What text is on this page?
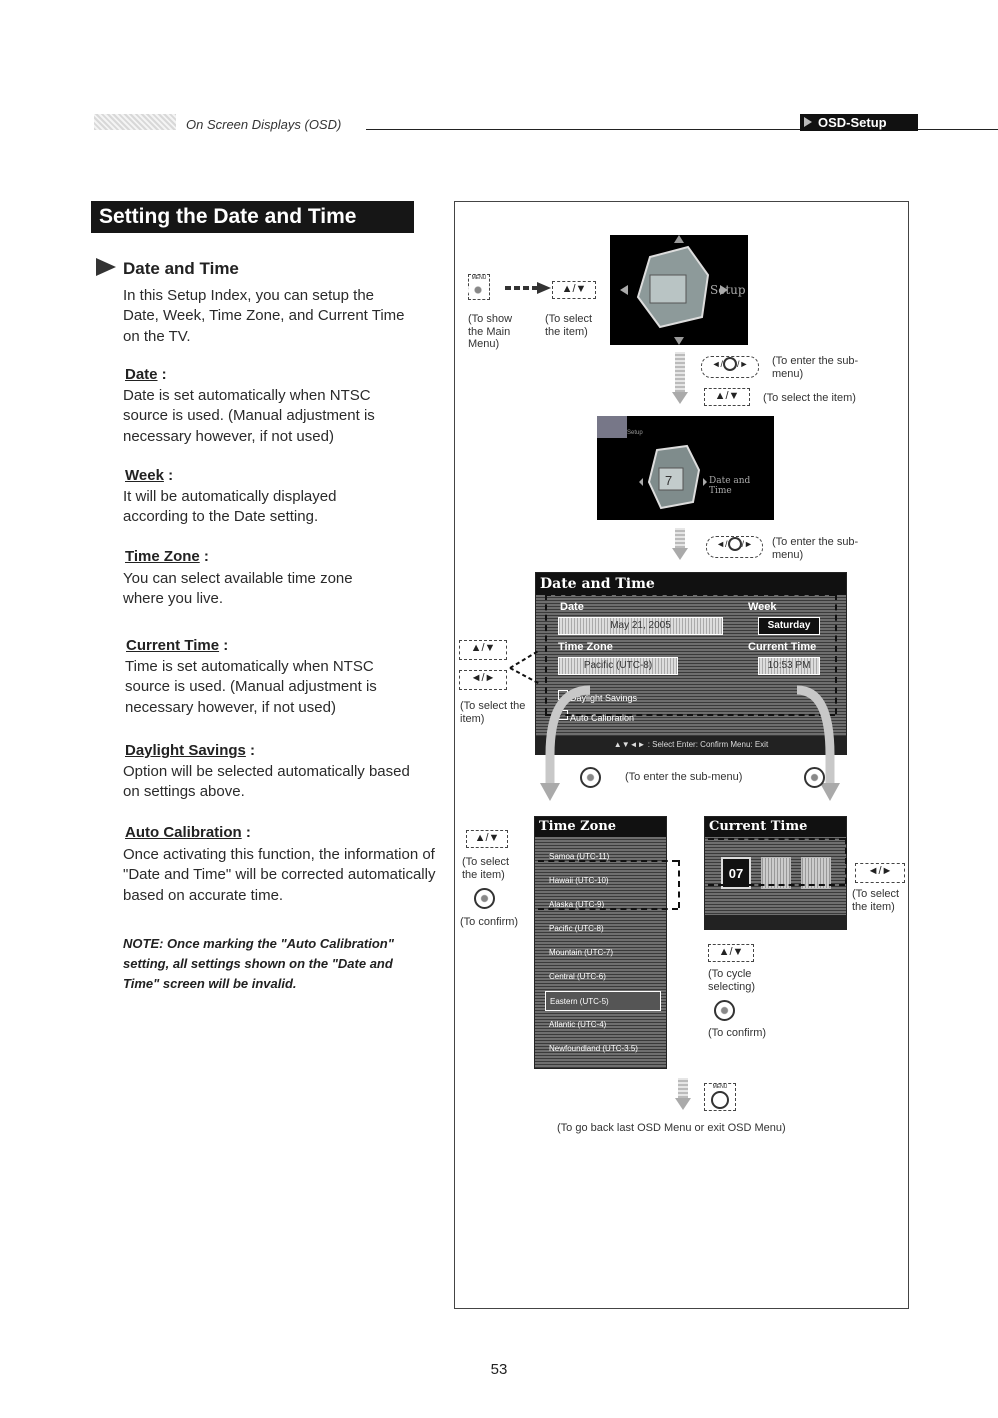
On Screen Displays (OSD)	OSD-Setup
Setting the Date and Time
Date and Time
In this Setup Index, you can setup the Date, Week, Time Zone, and Current Time on the TV.
Date :
Date is set automatically when NTSC source is used. (Manual adjustment is necessary however, if not used)
Week :
It will be automatically displayed according to the Date setting.
Time Zone :
You can select available time zone where you live.
Current Time :
Time is set automatically when NTSC source is used. (Manual adjustment is necessary however, if not used)
Daylight Savings :
Option will be selected automatically based on settings above.
Auto Calibration :
Once activating this function, the information of "Date and Time" will be corrected automatically based on accurate time.
NOTE: Once marking the "Auto Calibration" setting, all settings shown on the "Date and Time" screen will be invalid.
MENU
▲/▼
(To show the Main Menu)
(To select the item)
Setup
◄/ /►	(To enter the sub-menu)
▲/▼	(To select the item)
Setup
7	Date and Time
◄/ /►	(To enter the sub-menu)
Date and Time
Date	Week
May 21, 2005	Saturday
Time Zone	Current Time
Pacific (UTC-8)	10:53 PM
Daylight Savings
Auto Calibration
▲▼◄► : Select Enter: Confirm Menu: Exit
▲/▼
◄/►
(To select the item)
(To enter the sub-menu)
Time Zone
Samoa (UTC-11)
Hawaii (UTC-10)
Alaska (UTC-9)
Pacific (UTC-8)
Mountain (UTC-7)
Central (UTC-6)
Eastern (UTC-5)
Atlantic (UTC-4)
Newfoundland (UTC-3.5)
▲/▼
(To select the item)
(To confirm)
Current Time
07	◄/►
(To select the item)
▲/▼
(To cycle selecting)
(To confirm)
MENU
(To go back last OSD Menu or exit OSD Menu)
53
